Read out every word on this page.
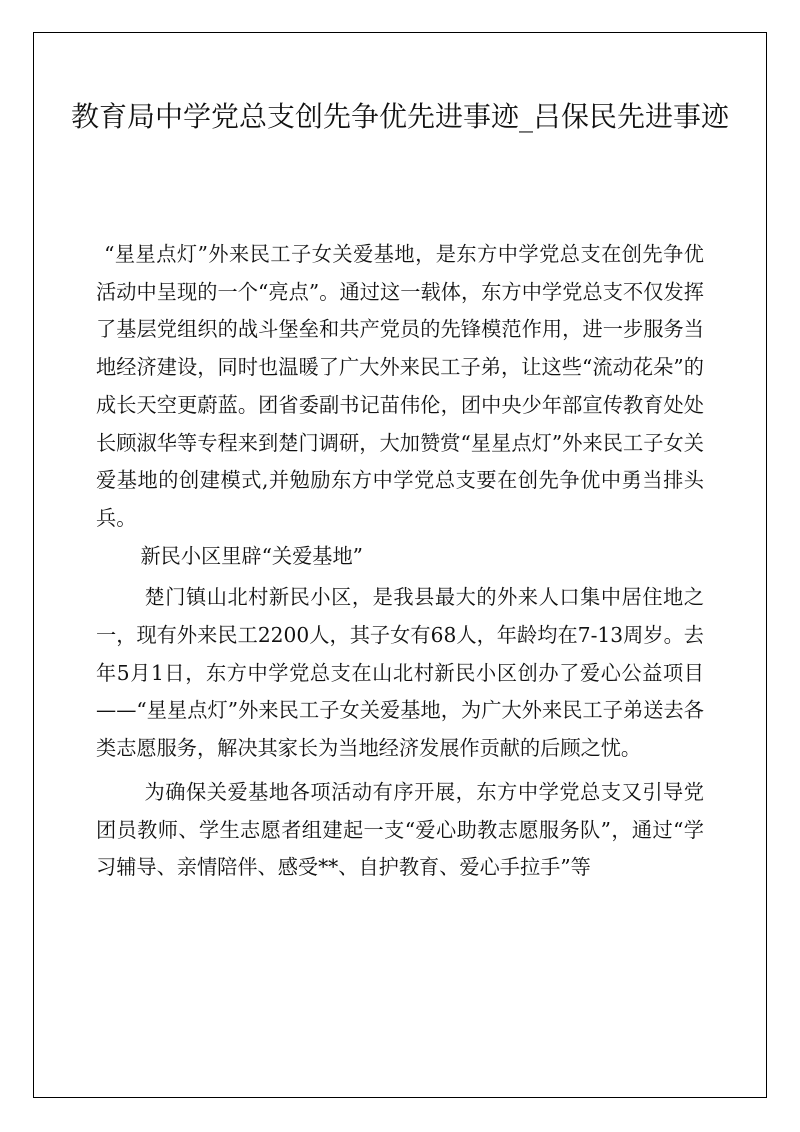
教育局中学党总支创先争优先进事迹_吕保民先进事迹

“星星点灯”外来民工子女关爱基地，是东方中学党总支在创先争优活动中呈现的一个“亮点”。通过这一载体，东方中学党总支不仅发挥了基层党组织的战斗堡垒和共产党员的先锋模范作用，进一步服务当地经济建设，同时也温暖了广大外来民工子弟，让这些“流动花朵”的成长天空更蔚蓝。团省委副书记苗伟伦，团中央少年部宣传教育处处长顾淑华等专程来到楚门调研，大加赞赏“星星点灯”外来民工子女关爱基地的创建模式,并勉励东方中学党总支要在创先争优中勇当排头兵。

新民小区里辟“关爱基地”

楚门镇山北村新民小区，是我县最大的外来人口集中居住地之一，现有外来民工2200人，其子女有68人，年龄均在7-13周岁。去年5月1日，东方中学党总支在山北村新民小区创办了爱心公益项目——“星星点灯”外来民工子女关爱基地，为广大外来民工子弟送去各类志愿服务，解决其家长为当地经济发展作贡献的后顾之忧。

为确保关爱基地各项活动有序开展，东方中学党总支又引导党团员教师、学生志愿者组建起一支“爱心助教志愿服务队”，通过“学习辅导、亲情陪伴、感受**、自护教育、爱心手拉手”等
